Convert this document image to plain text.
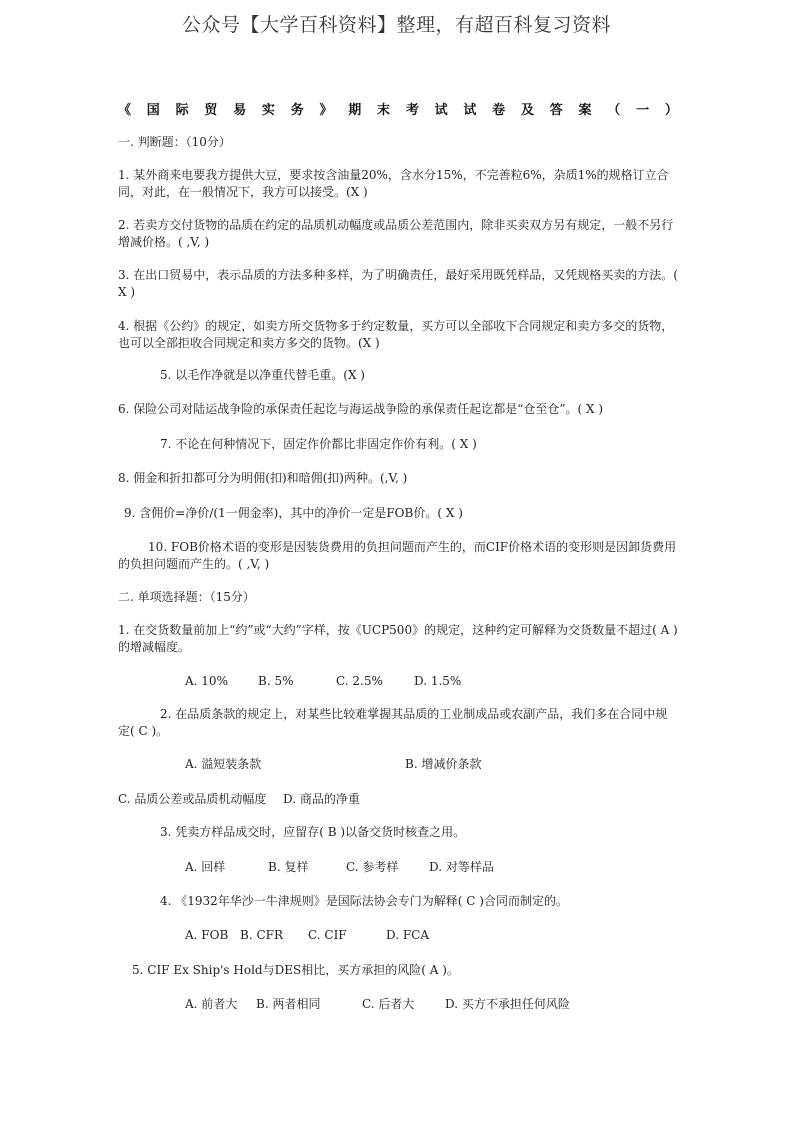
公众号【大学百科资料】整理，有超百科复习资料
《 国 际 贸 易 实 务 》 期 末 考 试 试 卷 及 答 案 （ 一 ）
一. 判断题：（10分）
1. 某外商来电要我方提供大豆，要求按含油量20%，含水分15%，不完善粒6%，杂质1%的规格订立合同，对此，在一般情况下，我方可以接受。(X )
2. 若卖方交付货物的品质在约定的品质机动幅度或品质公差范围内，除非买卖双方另有规定，一般不另行增减价格。( ,V, )
3. 在出口贸易中，表示品质的方法多种多样，为了明确责任，最好采用既凭样品，又凭规格买卖的方法。( X )
4. 根据《公约》的规定，如卖方所交货物多于约定数量，买方可以全部收下合同规定和卖方多交的货物，也可以全部拒收合同规定和卖方多交的货物。(X )
5. 以毛作净就是以净重代替毛重。(X )
6. 保险公司对陆运战争险的承保责任起讫与海运战争险的承保责任起讫都是“仓至仓”。( X )
7. 不论在何种情况下，固定作价都比非固定作价有利。( X )
8. 佣金和折扣都可分为明佣(扣)和暗佣(扣)两种。(,V, )
9. 含佣价=净价/(1一佣金率)，其中的净价一定是FOB价。( X )
10. FOB价格术语的变形是因装货费用的负担问题而产生的，而CIF价格术语的变形则是因卸货费用的负担问题而产生的。( ,V, )
二. 单项选择题：（15分）
1. 在交货数量前加上“约”或“大约”字样，按《UCP500》的规定，这种约定可解释为交货数量不超过( A )的增减幅度。
A. 10%	B. 5%	C. 2.5%	D. 1.5%
2. 在品质条款的规定上，对某些比较难掌握其品质的工业制成品或农副产品，我们多在合同中规定( C )。
A. 溢短装条款	B. 增减价条款
C. 品质公差或品质机动幅度 D. 商品的净重
3. 凭卖方样品成交时，应留存( B )以备交货时核查之用。
A. 回样	B. 复样	C. 参考样	D. 对等样品
4. 《1932年华沙一牛津规则》是国际法协会专门为解释( C )合同而制定的。
A. FOB B. CFR C. CIF	D. FCA
5. CIF Ex Ship's Hold与DES相比，买方承担的风险( A )。
A. 前者大 B. 两者相同	C. 后者大	D. 买方不承担任何风险
